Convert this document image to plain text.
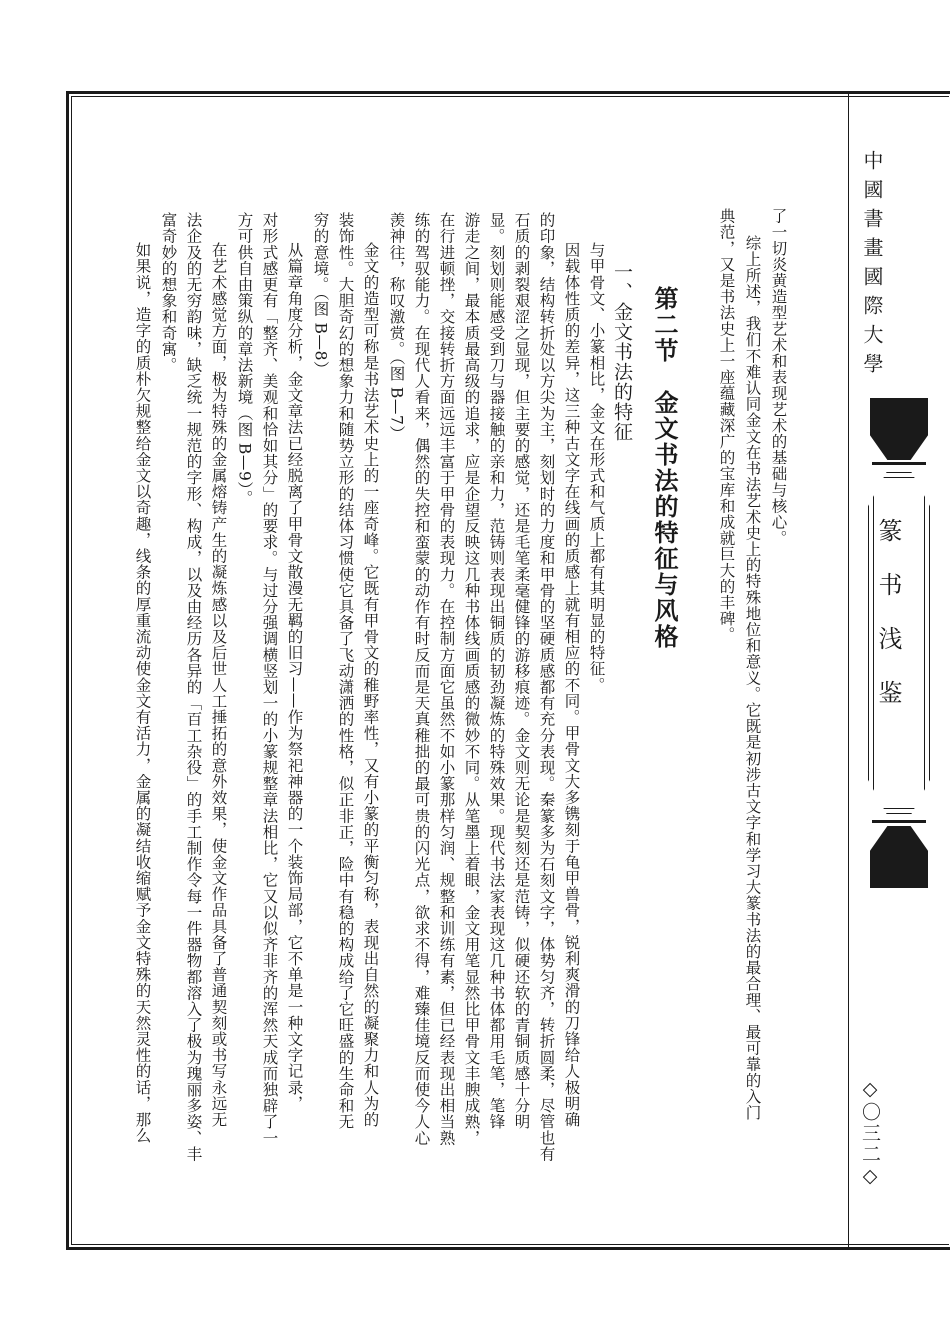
中國書畫國際大學
篆书浅鉴
◇〇三二◇
了一切炎黄造型艺术和表现艺术的基础与核心。
综上所述，我们不难认同金文在书法艺术史上的特殊地位和意义。它既是初涉古文字和学习大篆书法的最合理、最可靠的入门
典范，又是书法史上一座蕴藏深广的宝库和成就巨大的丰碑。
第二节　金文书法的特征与风格
一、金文书法的特征
与甲骨文、小篆相比，金文在形式和气质上都有其明显的特征。
因载体性质的差异，这三种古文字在线画的质感上就有相应的不同。甲骨文大多镌刻于龟甲兽骨，锐利爽滑的刀锋给人极明确
的印象，结构转折处以方尖为主，刻划时的力度和甲骨的坚硬质感都有充分表现。秦篆多为石刻文字，体势匀齐，转折圆柔，尽管也有
石质的剥裂艰涩之显现，但主要的感觉，还是毛笔柔毫健锋的游移痕迹。金文则无论是契刻还是范铸，似硬还软的青铜质感十分明
显。刻划则能感受到刀与器接触的亲和力，范铸则表现出铜质的韧劲凝炼的特殊效果。现代书法家表现这几种书体都用毛笔，笔锋
游走之间，最本质最高级的追求，应是企望反映这几种书体线画质感的微妙不同。从笔墨上着眼，金文用笔显然比甲骨文丰腴成熟，
在行进顿挫，交接转折方面远远丰富于甲骨的表现力。在控制方面它虽然不如小篆那样匀润、规整和训练有素，但已经表现出相当熟
练的驾驭能力。在现代人看来，偶然的失控和蛮蒙的动作有时反而是天真稚拙的最可贵的闪光点，欲求不得，难臻佳境反而使今人心
羡神往，称叹激赏。（图 B—7）
金文的造型可称是书法艺术史上的一座奇峰。它既有甲骨文的稚野率性，又有小篆的平衡匀称，表现出自然的凝聚力和人为的
装饰性。大胆奇幻的想象力和随势立形的结体习惯使它具备了飞动潇洒的性格，似正非正，险中有稳的构成给了它旺盛的生命和无
穷的意境。（图 B—8）
从篇章角度分析，金文章法已经脱离了甲骨文散漫无羁的旧习——作为祭祀神器的一个装饰局部，它不单是一种文字记录，
对形式感更有「整齐、美观和恰如其分」的要求。与过分强调横竖划一的小篆规整章法相比，它又以似齐非齐的浑然天成而独辟了一
方可供自由策纵的章法新境（图 B—9）。
在艺术感觉方面，极为特殊的金属熔铸产生的凝炼感以及后世人工捶拓的意外效果，使金文作品具备了普通契刻或书写永远无
法企及的无穷韵味，缺乏统一规范的字形、构成，以及由经历各异的「百工杂役」的手工制作令每一件器物都溶入了极为瑰丽多姿、丰
富奇妙的想象和奇寓。
如果说，造字的质朴欠规整给金文以奇趣，线条的厚重流动使金文有活力，金属的凝结收缩赋予金文特殊的天然灵性的话，那么
